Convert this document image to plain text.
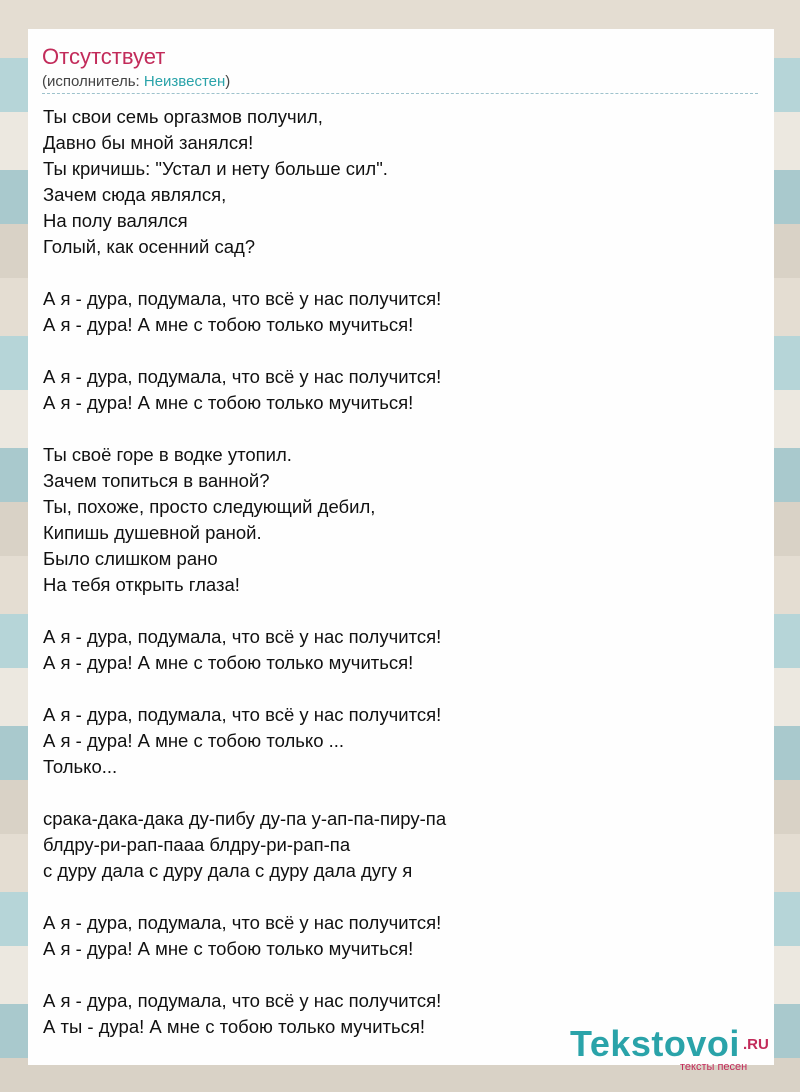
Отсутствует
(исполнитель: Неизвестен)
Ты свои семь оргазмов получил,
Давно бы мной занялся!
Ты кричишь: "Устал и нету больше сил".
Зачем сюда являлся,
На полу валялся
Голый, как осенний сад?
А я - дура, подумала, что всё у нас получится!
А я - дура! А мне с тобою только мучиться!
А я - дура, подумала, что всё у нас получится!
А я - дура! А мне с тобою только мучиться!
Ты своё горе в водке утопил.
Зачем топиться в ванной?
Ты, похоже, просто следующий дебил,
Кипишь душевной раной.
Было слишком рано
На тебя открыть глаза!
А я - дура, подумала, что всё у нас получится!
А я - дура! А мне с тобою только мучиться!
А я - дура, подумала, что всё у нас получится!
А я - дура! А мне с тобою только ...
Только...
срака-дака-дака ду-пибу ду-па у-ап-па-пиру-па
блдру-ри-рап-пааа блдру-ри-рап-па
с дуру дала с дуру дала с дуру дала дугу я
А я - дура, подумала, что всё у нас получится!
А я - дура! А мне с тобою только мучиться!
А я - дура, подумала, что всё у нас получится!
А ты - дура! А мне с тобою только мучиться!	Tekstovoi .RU
тексты песен
